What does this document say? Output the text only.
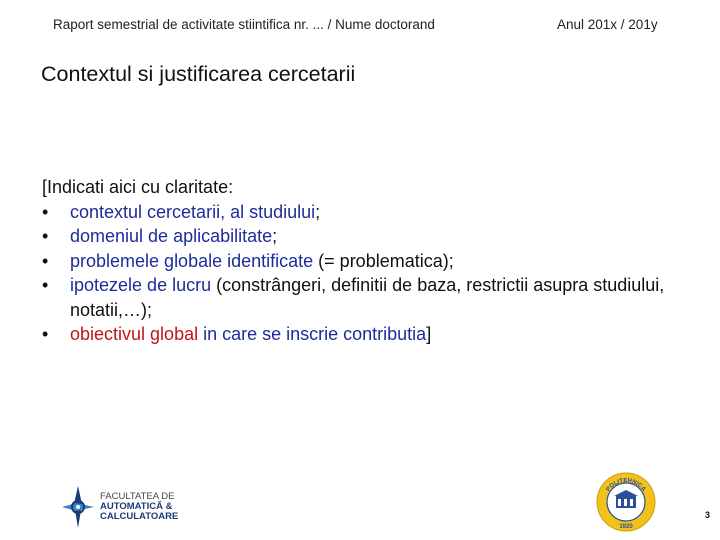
Raport semestrial de activitate stiintifica nr. ... / Nume doctorand	Anul 201x / 201y
Contextul si justificarea cercetarii
[Indicati aici cu claritate:
• contextul cercetarii, al studiului;
• domeniul de aplicabilitate;
• problemele globale identificate (= problematica);
• ipotezele de lucru (constrângeri, definitii de baza, restrictii asupra studiului, notatii,…);
• obiectivul global in care se inscrie contributia]
FACULTATEA DE
AUTOMATICĂ &
CALCULATOARE
POLITEHNICA
1920
3
